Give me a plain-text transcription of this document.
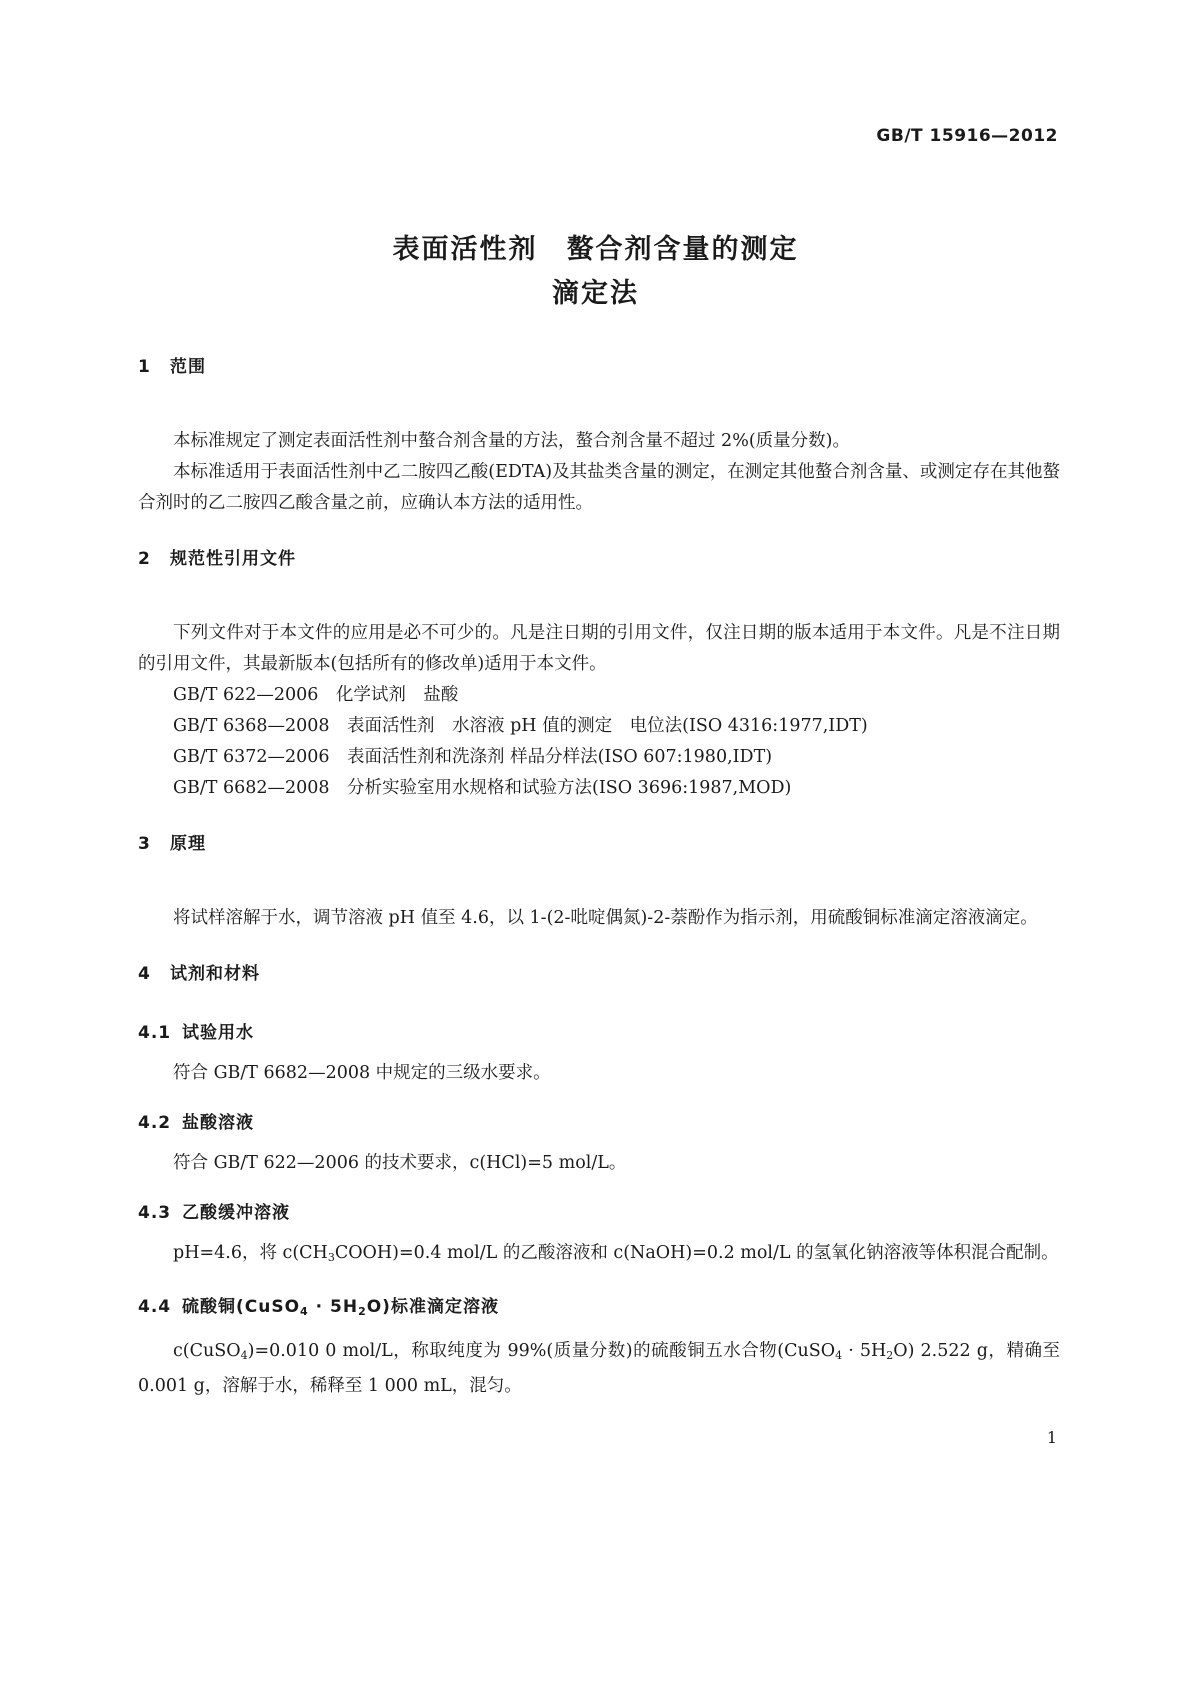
GB/T 15916—2012
表面活性剂　螯合剂含量的测定
滴定法
1 范围

本标准规定了测定表面活性剂中螯合剂含量的方法，螯合剂含量不超过 2%(质量分数)。

本标准适用于表面活性剂中乙二胺四乙酸(EDTA)及其盐类含量的测定，在测定其他螯合剂含量、或测定存在其他螯合剂时的乙二胺四乙酸含量之前，应确认本方法的适用性。

2 规范性引用文件

下列文件对于本文件的应用是必不可少的。凡是注日期的引用文件，仅注日期的版本适用于本文件。凡是不注日期的引用文件，其最新版本(包括所有的修改单)适用于本文件。

GB/T 622—2006　化学试剂　盐酸

GB/T 6368—2008　表面活性剂　水溶液 pH 值的测定　电位法(ISO 4316:1977,IDT)

GB/T 6372—2006　表面活性剂和洗涤剂 样品分样法(ISO 607:1980,IDT)

GB/T 6682—2008　分析实验室用水规格和试验方法(ISO 3696:1987,MOD)

3 原理

将试样溶解于水，调节溶液 pH 值至 4.6，以 1-(2-吡啶偶氮)-2-萘酚作为指示剂，用硫酸铜标准滴定溶液滴定。

4 试剂和材料
4.1 试验用水

符合 GB/T 6682—2008 中规定的三级水要求。

4.2 盐酸溶液

符合 GB/T 622—2006 的技术要求，c(HCl)=5 mol/L。

4.3 乙酸缓冲溶液

pH=4.6，将 $c(CH_3COOH)=0.4$ mol/L 的乙酸溶液和 c(NaOH)=0.2 mol/L 的氢氧化钠溶液等体积混合配制。

4.4 硫酸铜(CuSO$_4$ · $5H_2O$)标准滴定溶液

c(CuSO$_4$)=0.010 0 mol/L，称取纯度为 99%(质量分数)的硫酸铜五水合物(CuSO$_4$ · $5H_2O$) 2.522 g，精确至 0.001 g，溶解于水，稀释至 1 000 mL，混匀。

1
